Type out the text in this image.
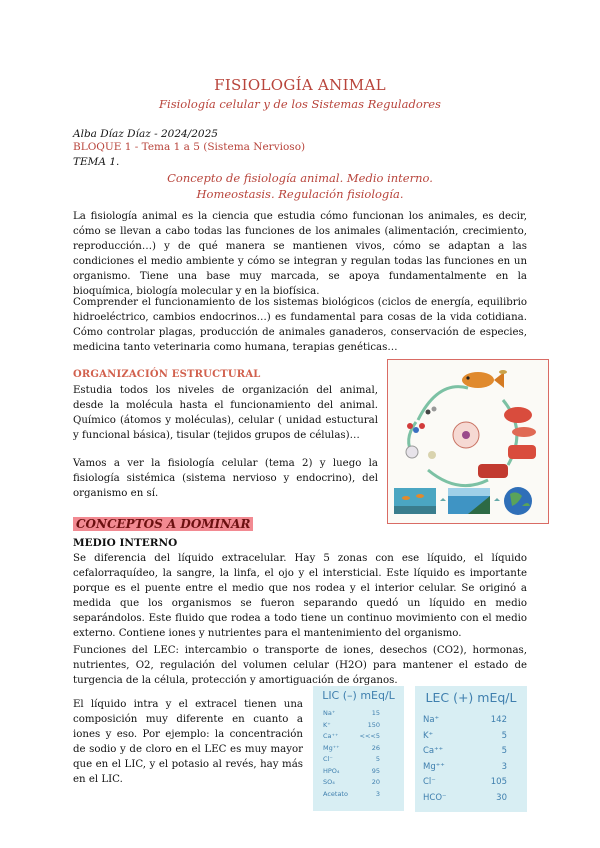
FISIOLOGÍA ANIMAL
Fisiología celular y de los Sistemas Reguladores
Alba Díaz Díaz - 2024/2025
BLOQUE 1 - Tema 1 a 5 (Sistema Nervioso)
TEMA 1.
Concepto de fisiología animal. Medio interno.
Homeostasis. Regulación fisiología.
La fisiología animal es la ciencia que estudia cómo funcionan los animales, es decir, cómo se llevan a cabo todas las funciones de los animales (alimentación, crecimiento, reproducción…) y de qué manera se mantienen vivos, cómo se adaptan a las condiciones el medio ambiente y cómo se integran y regulan todas las funciones en un organismo. Tiene una base muy marcada, se apoya fundamentalmente en la bioquímica, biología molecular y en la biofísica.
Comprender el funcionamiento de los sistemas biológicos (ciclos de energía, equilibrio hidroeléctrico, cambios endocrinos…) es fundamental para cosas de la vida cotidiana. Cómo controlar plagas, producción de animales ganaderos, conservación de especies, medicina tanto veterinaria como humana, terapias genéticas…
ORGANIZACIÓN ESTRUCTURAL
Estudia todos los niveles de organización del animal, desde la molécula hasta el funcionamiento del animal. Químico (átomos y moléculas), celular ( unidad estuctural y funcional básica), tisular (tejidos grupos de células)…
Vamos a ver la fisiología celular (tema 2) y luego la fisiología sistémica (sistema nervioso y endocrino), del organismo en sí.
CONCEPTOS A DOMINAR
MEDIO INTERNO
Se diferencia del líquido extracelular. Hay 5 zonas con ese líquido, el líquido cefalorraquídeo, la sangre, la linfa, el ojo y el intersticial. Este líquido es importante porque es el puente entre el medio que nos rodea y el interior celular. Se originó a medida que los organismos se fueron separando quedó un líquido en medio separándolos. Este fluido que rodea a todo tiene un continuo movimiento con el medio externo. Contiene iones y nutrientes para el mantenimiento del organismo.
Funciones del LEC: intercambio o transporte de iones, desechos (CO2), hormonas, nutrientes, O2, regulación del volumen celular (H2O) para mantener el estado de turgencia de la célula, protección y amortiguación de órganos.
El líquido intra y el extracel tienen una composición muy diferente en cuanto a iones y eso. Por ejemplo: la concentración de sodio y de cloro en el LEC es muy mayor que en el LIC, y el potasio al revés, hay más en el LIC.
LIC (–) mEq/L
Na⁺	15
K⁺	150
Ca⁺⁺	<<<5
Mg⁺⁺	26
Cl⁻	5
HPO₄	95
SO₄	20
Acetato	3
LEC (+) mEq/L
Na⁺	142
K⁺	5
Ca⁺⁺	5
Mg⁺⁺	3
Cl⁻	105
HCO⁻	30
